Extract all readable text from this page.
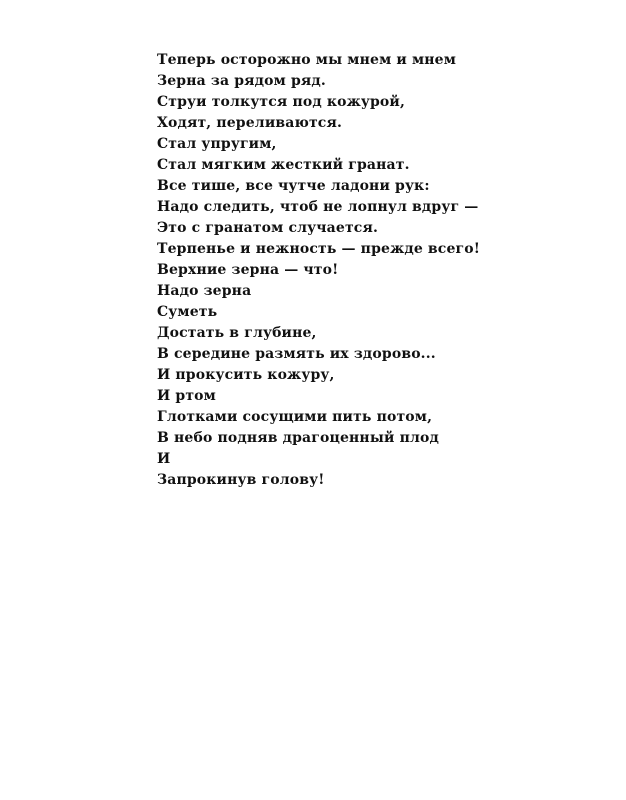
Теперь осторожно мы мнем и мнем
Зерна за рядом ряд.
Струи толкутся под кожурой,
Ходят, переливаются.
Стал упругим,
Стал мягким жесткий гранат.
Все тише, все чутче ладони рук:
Надо следить, чтоб не лопнул вдруг —
Это с гранатом случается.
Терпенье и нежность — прежде всего!
Верхние зерна — что!
Надо зерна
Суметь
Достать в глубине,
В середине размять их здорово...
И прокусить кожуру,
И ртом
Глотками сосущими пить потом,
В небо подняв драгоценный плод
И
Запрокинув голову!
